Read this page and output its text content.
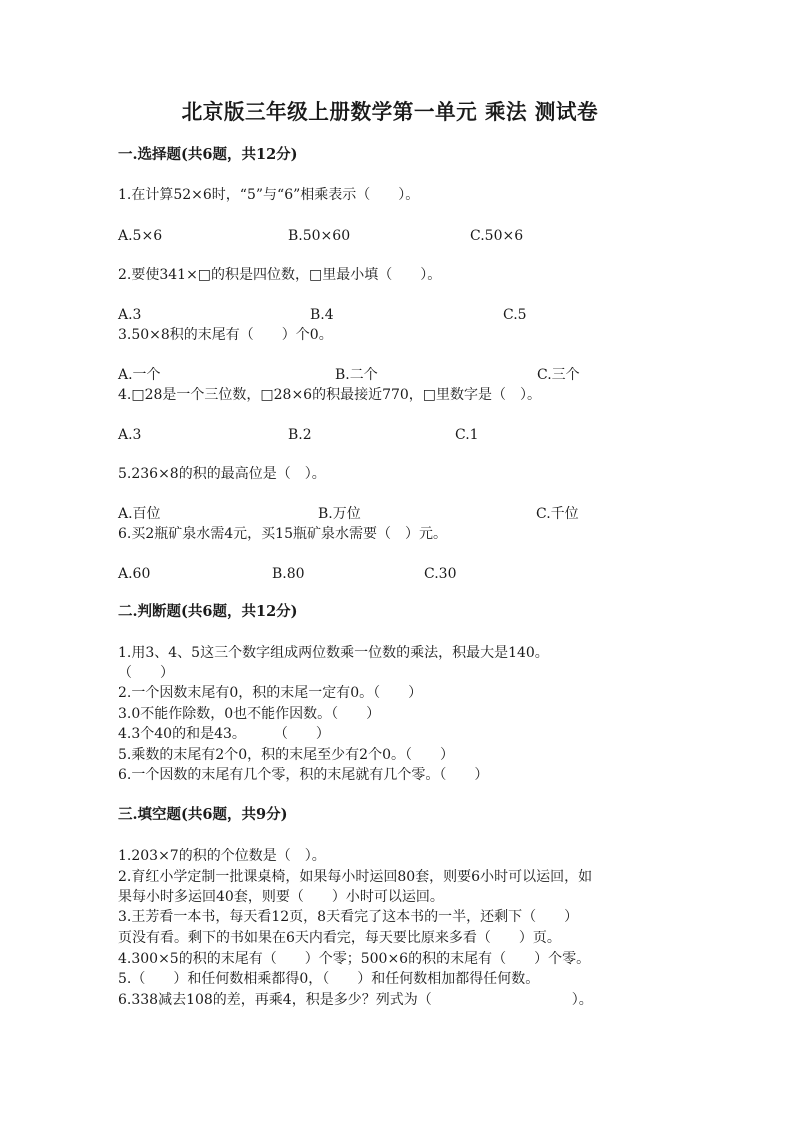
北京版三年级上册数学第一单元 乘法 测试卷
一.选择题(共6题，共12分)
1.在计算52×6时，“5”与“6”相乘表示（　　）。
A.5×6	B.50×60	C.50×6
2.要使341×□的积是四位数，□里最小填（　　）。
A.3	B.4	C.5
3.50×8积的末尾有（　　）个0。
A.一个	B.二个	C.三个
4.□28是一个三位数，□28×6的积最接近770，□里数字是（　）。
A.3	B.2	C.1
5.236×8的积的最高位是（　）。
A.百位	B.万位	C.千位
6.买2瓶矿泉水需4元，买15瓶矿泉水需要（　）元。
A.60	B.80	C.30
二.判断题(共6题，共12分)
1.用3、4、5这三个数字组成两位数乘一位数的乘法，积最大是140。
（　　）
2.一个因数末尾有0，积的末尾一定有0。（　　）
3.0不能作除数，0也不能作因数。（　　）
4.3个40的和是43。　　　（　　）
5.乘数的末尾有2个0，积的末尾至少有2个0。（　　）
6.一个因数的末尾有几个零，积的末尾就有几个零。（　　）
三.填空题(共6题，共9分)
1.203×7的积的个位数是（　）。
2.育红小学定制一批课桌椅，如果每小时运回80套，则要6小时可以运回，如
果每小时多运回40套，则要（　　）小时可以运回。
3.王芳看一本书，每天看12页，8天看完了这本书的一半，还剩下（　　）
页没有看。剩下的书如果在6天内看完，每天要比原来多看（　　）页。
4.300×5的积的末尾有（　　）个零；500×6的积的末尾有（　　）个零。
5.（　　）和任何数相乘都得0，（　　）和任何数相加都得任何数。
6.338减去108的差，再乘4，积是多少？列式为（　　　　　　　　　　）。
